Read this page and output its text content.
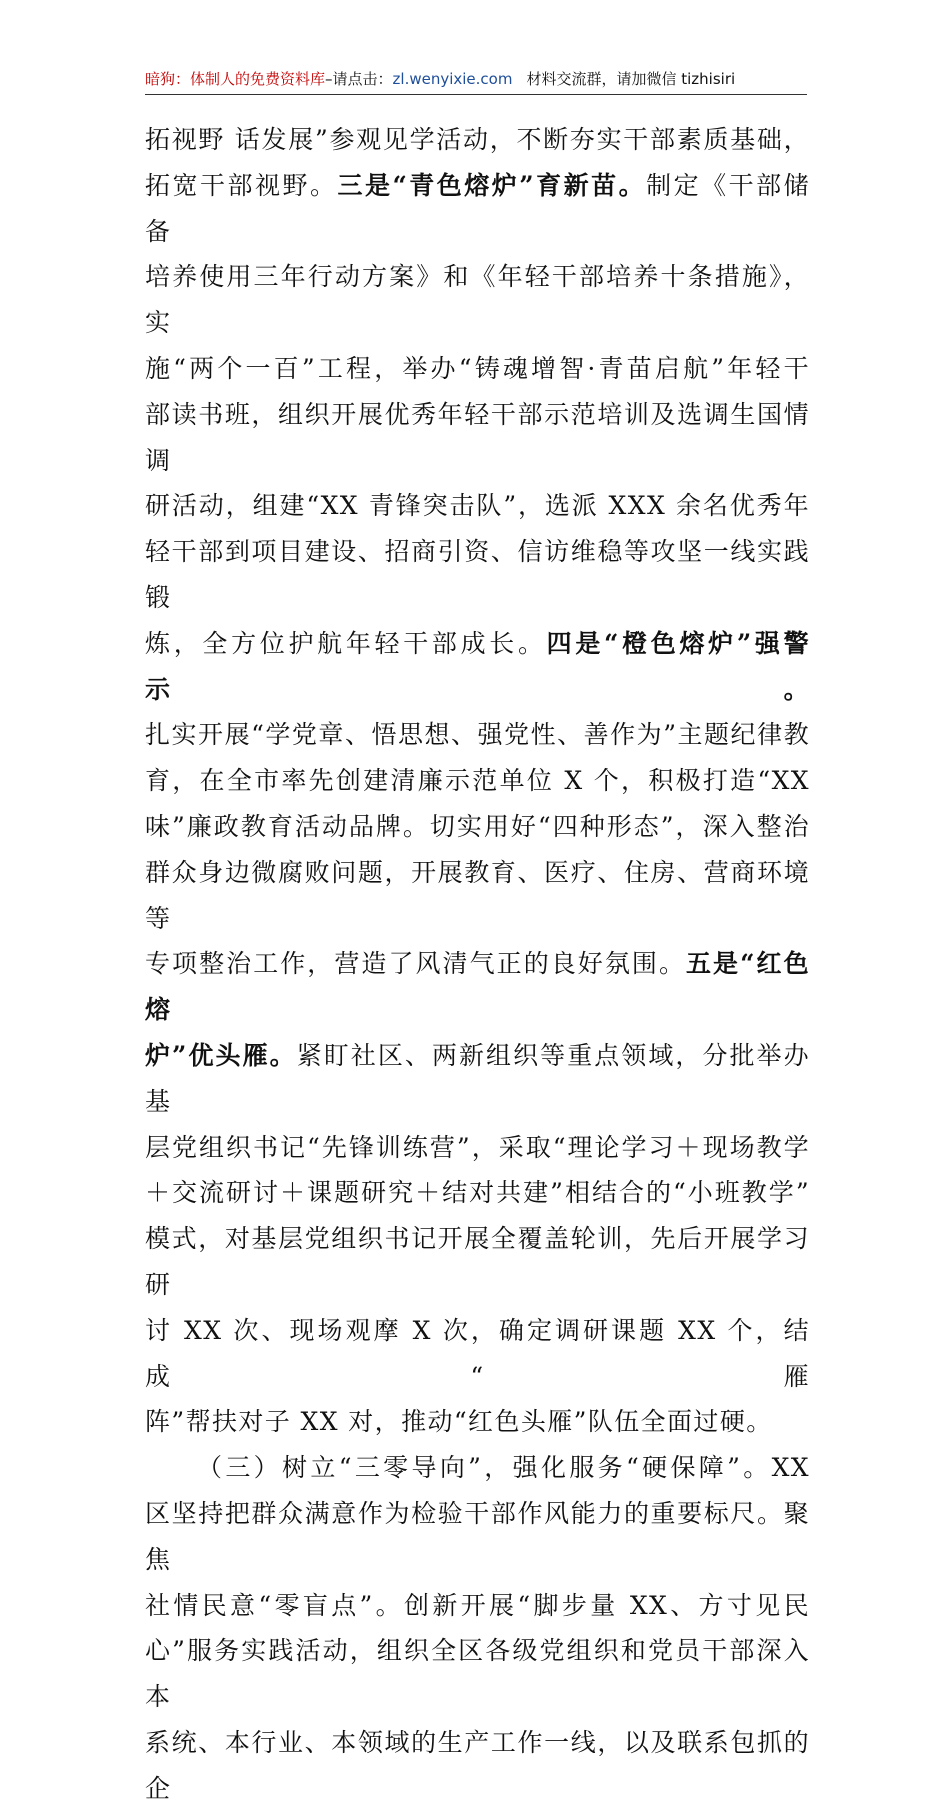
暗狗：体制人的免费资料库–请点击：zl.wenyixie.com 材料交流群，请加微信 tizhisiri

拓视野 话发展”参观见学活动，不断夯实干部素质基础，

拓宽干部视野。三是“青色熔炉”育新苗。制定《干部储备

培养使用三年行动方案》和《年轻干部培养十条措施》，实

施“两个一百”工程，举办“铸魂增智·青苗启航”年轻干

部读书班，组织开展优秀年轻干部示范培训及选调生国情调

研活动，组建“XX 青锋突击队”，选派 XXX 余名优秀年

轻干部到项目建设、招商引资、信访维稳等攻坚一线实践锻

炼，全方位护航年轻干部成长。四是“橙色熔炉”强警示。

扎实开展“学党章、悟思想、强党性、善作为”主题纪律教

育，在全市率先创建清廉示范单位 X 个，积极打造“XX

味”廉政教育活动品牌。切实用好“四种形态”，深入整治

群众身边微腐败问题，开展教育、医疗、住房、营商环境等

专项整治工作，营造了风清气正的良好氛围。五是“红色熔

炉”优头雁。紧盯社区、两新组织等重点领域，分批举办基

层党组织书记“先锋训练营”，采取“理论学习＋现场教学

＋交流研讨＋课题研究＋结对共建”相结合的“小班教学”

模式，对基层党组织书记开展全覆盖轮训，先后开展学习研

讨 XX 次、现场观摩 X 次，确定调研课题 XX 个，结成“雁

阵”帮扶对子 XX 对，推动“红色头雁”队伍全面过硬。

（三）树立“三零导向”，强化服务“硬保障”。XX

区坚持把群众满意作为检验干部作风能力的重要标尺。聚焦

社情民意“零盲点”。创新开展“脚步量 XX、方寸见民

心”服务实践活动，组织全区各级党组织和党员干部深入本

系统、本行业、本领域的生产工作一线，以及联系包抓的企
